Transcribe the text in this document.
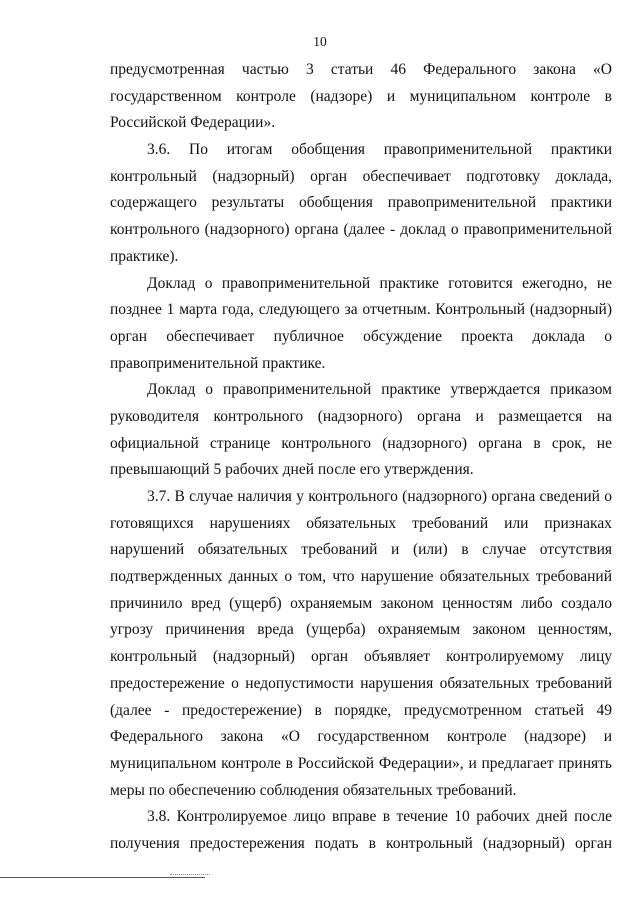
10
предусмотренная частью 3 статьи 46 Федерального закона «О
государственном контроле (надзоре) и муниципальном контроле в
Российской Федерации».
3.6. По итогам обобщения правоприменительной практики
контрольный (надзорный) орган обеспечивает подготовку доклада,
содержащего результаты обобщения правоприменительной практики
контрольного (надзорного) органа (далее - доклад о правоприменительной
практике).
Доклад о правоприменительной практике готовится ежегодно, не
позднее 1 марта года, следующего за отчетным. Контрольный (надзорный)
орган обеспечивает публичное обсуждение проекта доклада о
правоприменительной практике.
Доклад о правоприменительной практике утверждается приказом
руководителя контрольного (надзорного) органа и размещается на
официальной странице контрольного (надзорного) органа в срок, не
превышающий 5 рабочих дней после его утверждения.
3.7. В случае наличия у контрольного (надзорного) органа сведений о
готовящихся нарушениях обязательных требований или признаках
нарушений обязательных требований и (или) в случае отсутствия
подтвержденных данных о том, что нарушение обязательных требований
причинило вред (ущерб) охраняемым законом ценностям либо создало
угрозу причинения вреда (ущерба) охраняемым законом ценностям,
контрольный (надзорный) орган объявляет контролируемому лицу
предостережение о недопустимости нарушения обязательных требований
(далее - предостережение) в порядке, предусмотренном статьей 49
Федерального закона «О государственном контроле (надзоре) и
муниципальном контроле в Российской Федерации», и предлагает принять
меры по обеспечению соблюдения обязательных требований.
3.8. Контролируемое лицо вправе в течение 10 рабочих дней после
получения предостережения подать в контрольный (надзорный) орган
